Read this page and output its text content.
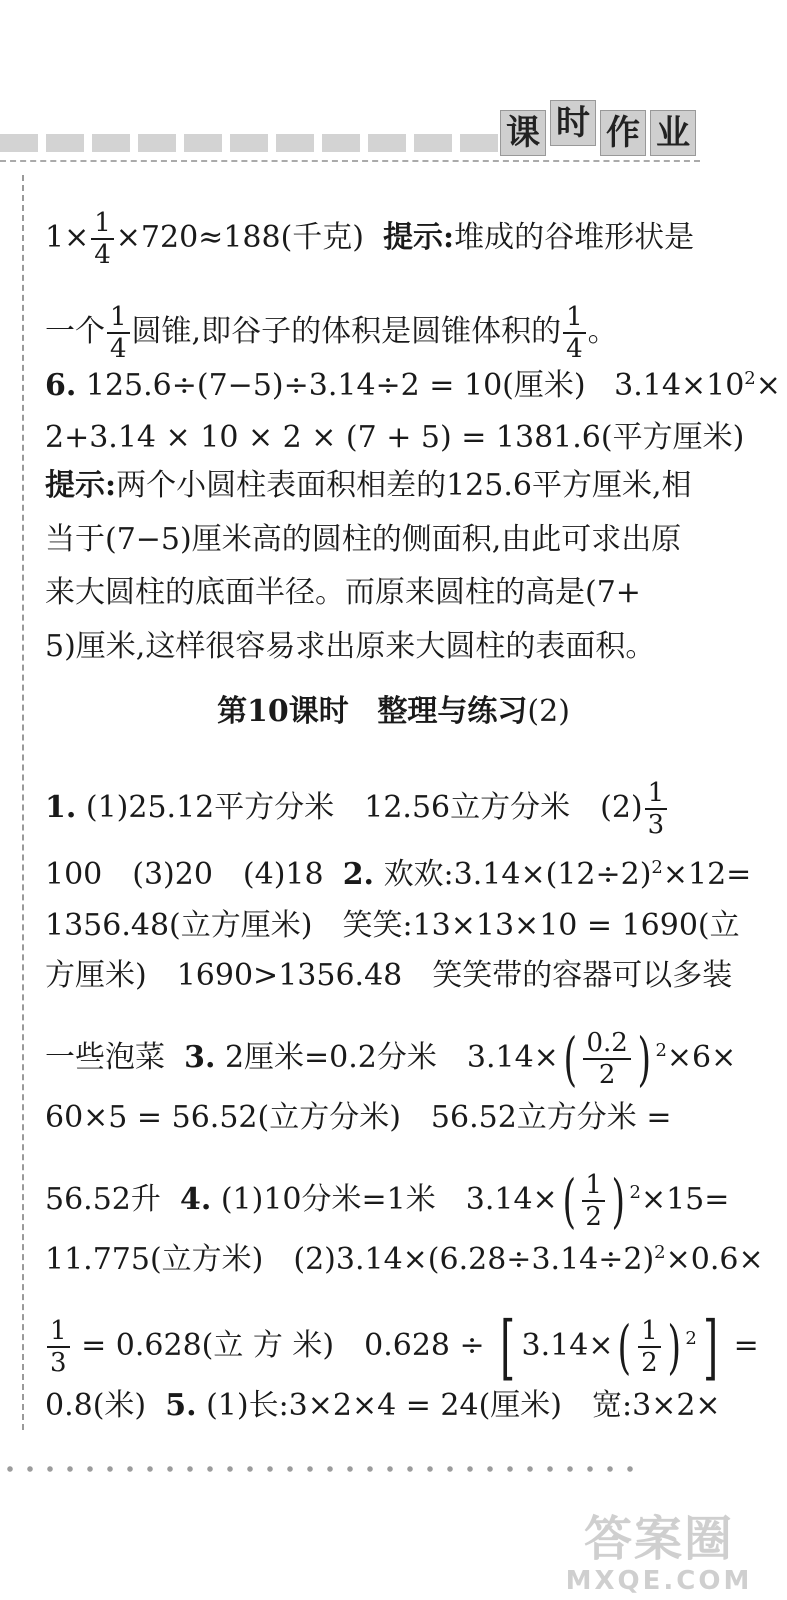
课 时 作 业
$1\times \frac{1}{4} \times 720\approx 188$(千克) 提示:堆成的谷堆形状是
一个 $\frac{1}{4}$ 圆锥,即谷子的体积是圆锥体积的 $\frac{1}{4}$ 。
6. 125.6÷(7−5)÷3.14÷2 = 10(厘米) $3.14\times 10^2\times$
2+3.14 × 10 × 2 × (7 + 5) = 1381.6(平方厘米)
提示:两个小圆柱表面积相差的125.6平方厘米,相
当于(7−5)厘米高的圆柱的侧面积,由此可求出原
来大圆柱的底面半径。而原来圆柱的高是(7+
5)厘米,这样很容易求出原来大圆柱的表面积。
第10课时 整理与练习(2)
1. (1)25.12平方分米　12.56立方分米　$(2) \frac{1}{3}$
100　(3)20　(4)18 2. 欢欢$:3.14\times(12\div 2)^2\times 12=$
1356.48(立方厘米)　笑笑:13×13×10 = 1690(立
方厘米)　1690>1356.48　笑笑带的容器可以多装
一些泡菜 3. 2厘米=0.2分米　$3.14\times( \frac{0.2}{2}$ ) $^2$×6×
60×5 = 56.52(立方分米)　56.52立方分米 =
56.52升 4. (1)10分米=1米　$3.14\times( \frac{1}{2}$ ) $^2$×15=
11.775(立方米)　$(2)3.14\times(6.28\div 3.14\div 2)^2\times 0.6\times$
$\frac{1}{3} = 0.628$(立 方 米)　0.628 ÷ [ $3.14\times( \frac{1}{2}$ ) $^2$] =
0.8(米) 5. (1)长:3×2×4 = 24(厘米)　宽:3×2×
答案圈
MXQE.COM
